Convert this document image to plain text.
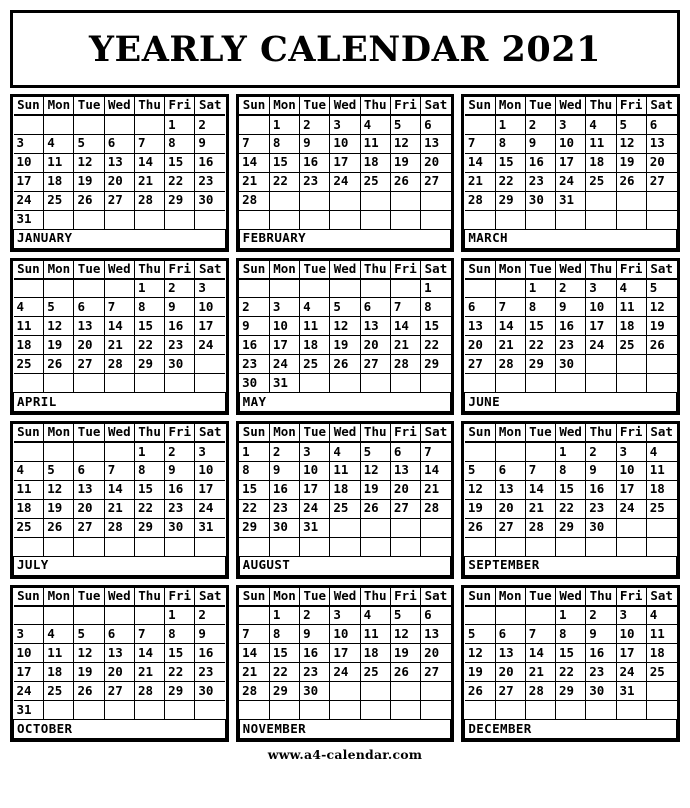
YEARLY CALENDAR 2021
Sun	Mon	Tue	Wed	Thu	Fri	Sat
					1	2
3	4	5	6	7	8	9
10	11	12	13	14	15	16
17	18	19	20	21	22	23
24	25	26	27	28	29	30
31						
JANUARY						
Sun	Mon	Tue	Wed	Thu	Fri	Sat
	1	2	3	4	5	6
7	8	9	10	11	12	13
14	15	16	17	18	19	20
21	22	23	24	25	26	27
28						

FEBRUARY						
Sun	Mon	Tue	Wed	Thu	Fri	Sat
	1	2	3	4	5	6
7	8	9	10	11	12	13
14	15	16	17	18	19	20
21	22	23	24	25	26	27
28	29	30	31			

MARCH						
Sun	Mon	Tue	Wed	Thu	Fri	Sat
				1	2	3
4	5	6	7	8	9	10
11	12	13	14	15	16	17
18	19	20	21	22	23	24
25	26	27	28	29	30	

APRIL						
Sun	Mon	Tue	Wed	Thu	Fri	Sat
						1
2	3	4	5	6	7	8
9	10	11	12	13	14	15
16	17	18	19	20	21	22
23	24	25	26	27	28	29
30	31					
MAY						
Sun	Mon	Tue	Wed	Thu	Fri	Sat
		1	2	3	4	5
6	7	8	9	10	11	12
13	14	15	16	17	18	19
20	21	22	23	24	25	26
27	28	29	30			

JUNE						
Sun	Mon	Tue	Wed	Thu	Fri	Sat
				1	2	3
4	5	6	7	8	9	10
11	12	13	14	15	16	17
18	19	20	21	22	23	24
25	26	27	28	29	30	31

JULY						
Sun	Mon	Tue	Wed	Thu	Fri	Sat
1	2	3	4	5	6	7
8	9	10	11	12	13	14
15	16	17	18	19	20	21
22	23	24	25	26	27	28
29	30	31				

AUGUST						
Sun	Mon	Tue	Wed	Thu	Fri	Sat
			1	2	3	4
5	6	7	8	9	10	11
12	13	14	15	16	17	18
19	20	21	22	23	24	25
26	27	28	29	30		

SEPTEMBER						
Sun	Mon	Tue	Wed	Thu	Fri	Sat
					1	2
3	4	5	6	7	8	9
10	11	12	13	14	15	16
17	18	19	20	21	22	23
24	25	26	27	28	29	30
31						
OCTOBER						
Sun	Mon	Tue	Wed	Thu	Fri	Sat
	1	2	3	4	5	6
7	8	9	10	11	12	13
14	15	16	17	18	19	20
21	22	23	24	25	26	27
28	29	30				

NOVEMBER						
Sun	Mon	Tue	Wed	Thu	Fri	Sat
			1	2	3	4
5	6	7	8	9	10	11
12	13	14	15	16	17	18
19	20	21	22	23	24	25
26	27	28	29	30	31	

DECEMBER						
www.a4-calendar.com
